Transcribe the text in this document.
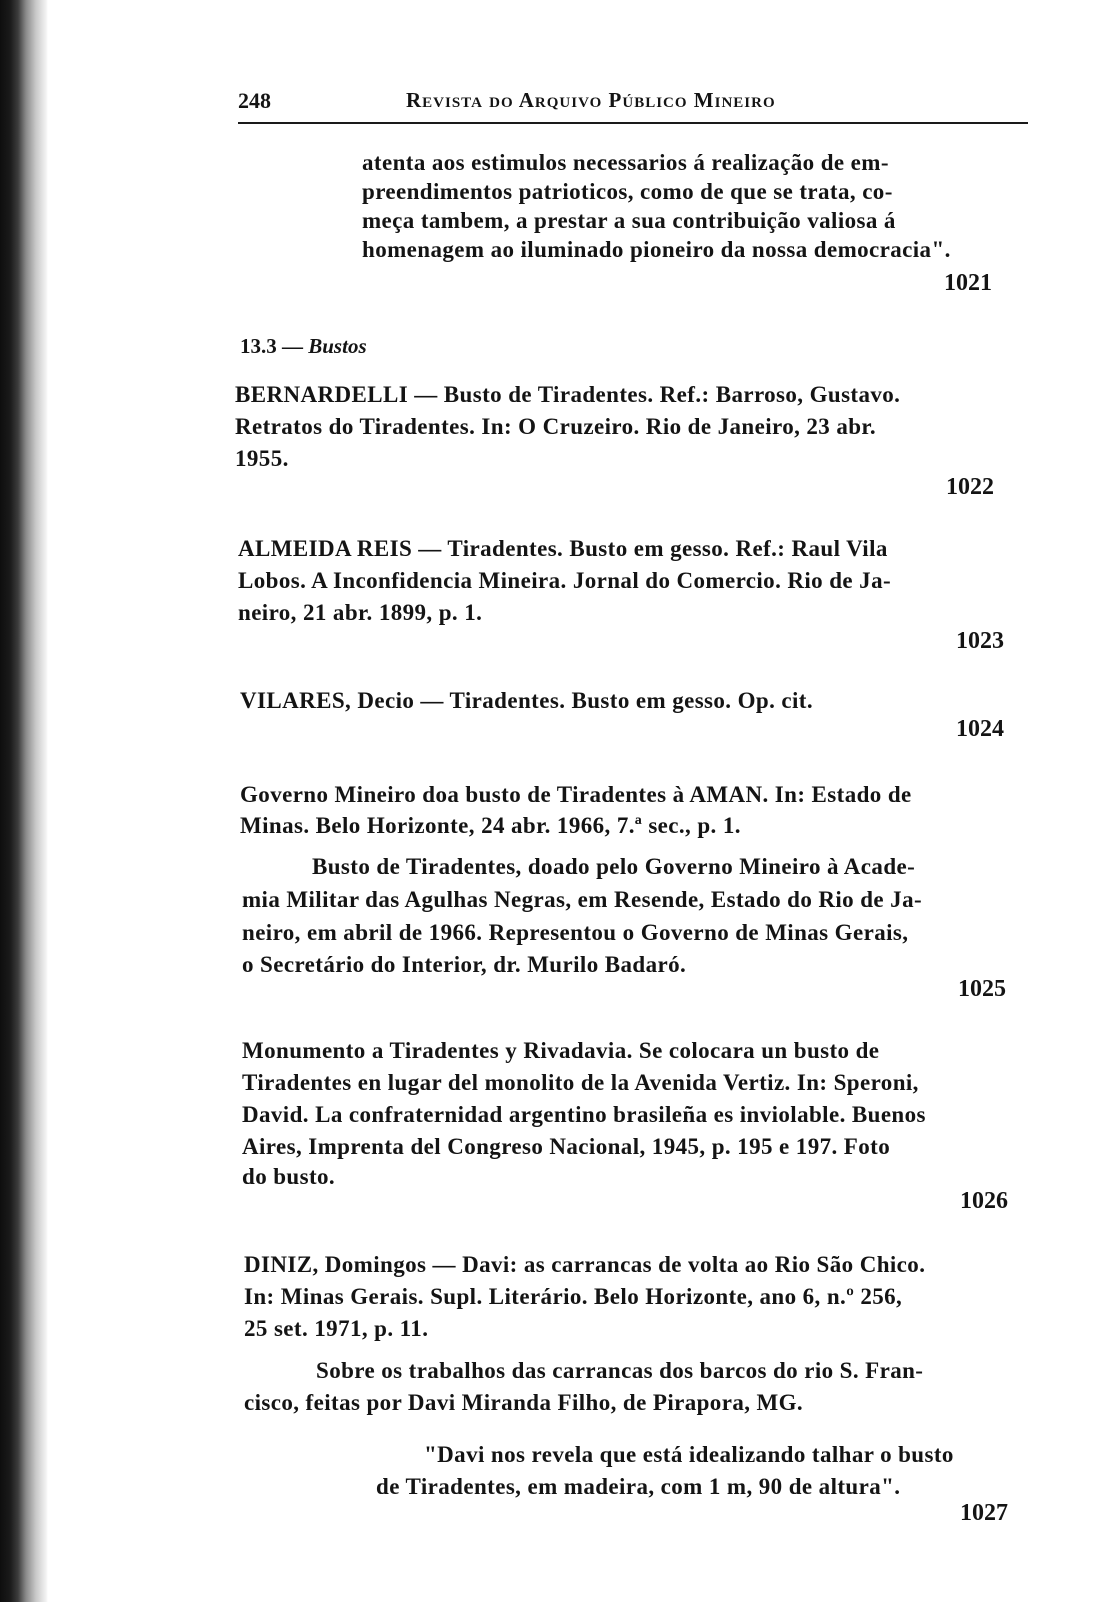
248	Revista do Arquivo Público Mineiro
atenta aos estimulos necessarios á realização de em-
preendimentos patrioticos, como de que se trata, co-
meça tambem, a prestar a sua contribuição valiosa á
homenagem ao iluminado pioneiro da nossa democracia".
1021
13.3 — Bustos
BERNARDELLI — Busto de Tiradentes. Ref.: Barroso, Gustavo.
Retratos do Tiradentes. In: O Cruzeiro. Rio de Janeiro, 23 abr.
1955.
1022
ALMEIDA REIS — Tiradentes. Busto em gesso. Ref.: Raul Vila
Lobos. A Inconfidencia Mineira. Jornal do Comercio. Rio de Ja-
neiro, 21 abr. 1899, p. 1.
1023
VILARES, Decio — Tiradentes. Busto em gesso. Op. cit.
1024
Governo Mineiro doa busto de Tiradentes à AMAN. In: Estado de
Minas. Belo Horizonte, 24 abr. 1966, 7.ª sec., p. 1.
Busto de Tiradentes, doado pelo Governo Mineiro à Acade-
mia Militar das Agulhas Negras, em Resende, Estado do Rio de Ja-
neiro, em abril de 1966. Representou o Governo de Minas Gerais,
o Secretário do Interior, dr. Murilo Badaró.
1025
Monumento a Tiradentes y Rivadavia. Se colocara un busto de
Tiradentes en lugar del monolito de la Avenida Vertiz. In: Speroni,
David. La confraternidad argentino brasileña es inviolable. Buenos
Aires, Imprenta del Congreso Nacional, 1945, p. 195 e 197. Foto
do busto.
1026
DINIZ, Domingos — Davi: as carrancas de volta ao Rio São Chico.
In: Minas Gerais. Supl. Literário. Belo Horizonte, ano 6, n.º 256,
25 set. 1971, p. 11.
Sobre os trabalhos das carrancas dos barcos do rio S. Fran-
cisco, feitas por Davi Miranda Filho, de Pirapora, MG.
"Davi nos revela que está idealizando talhar o busto
de Tiradentes, em madeira, com 1 m, 90 de altura".
1027
